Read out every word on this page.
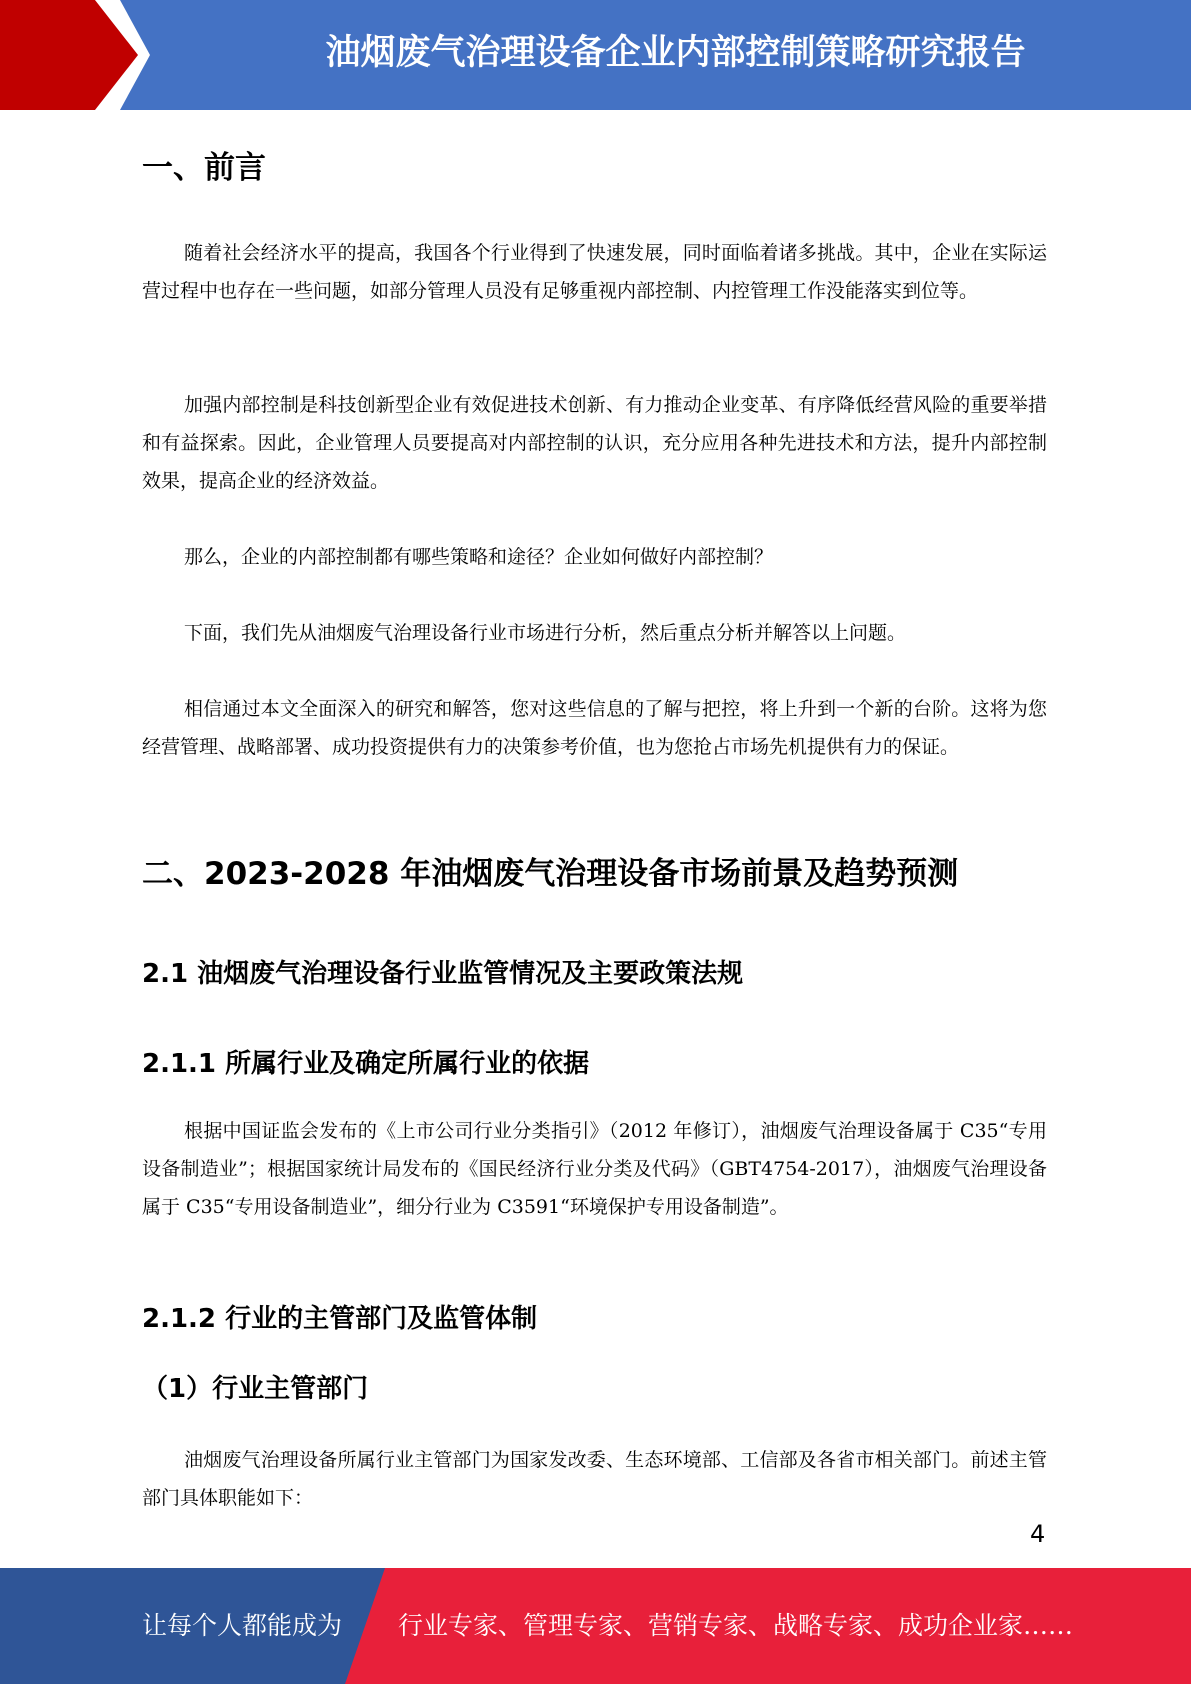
油烟废气治理设备企业内部控制策略研究报告
一、前言

随着社会经济水平的提高，我国各个行业得到了快速发展，同时面临着诸多挑战。其中，企业在实际运营过程中也存在一些问题，如部分管理人员没有足够重视内部控制、内控管理工作没能落实到位等。

加强内部控制是科技创新型企业有效促进技术创新、有力推动企业变革、有序降低经营风险的重要举措和有益探索。因此，企业管理人员要提高对内部控制的认识，充分应用各种先进技术和方法，提升内部控制效果，提高企业的经济效益。

那么，企业的内部控制都有哪些策略和途径？企业如何做好内部控制？

下面，我们先从油烟废气治理设备行业市场进行分析，然后重点分析并解答以上问题。

相信通过本文全面深入的研究和解答，您对这些信息的了解与把控，将上升到一个新的台阶。这将为您经营管理、战略部署、成功投资提供有力的决策参考价值，也为您抢占市场先机提供有力的保证。

二、2023-2028 年油烟废气治理设备市场前景及趋势预测
2.1 油烟废气治理设备行业监管情况及主要政策法规
2.1.1 所属行业及确定所属行业的依据

根据中国证监会发布的《上市公司行业分类指引》（2012 年修订），油烟废气治理设备属于 C35“专用设备制造业”；根据国家统计局发布的《国民经济行业分类及代码》（GBT4754-2017），油烟废气治理设备属于 C35“专用设备制造业”，细分行业为 C3591“环境保护专用设备制造”。

2.1.2 行业的主管部门及监管体制
（1）行业主管部门

油烟废气治理设备所属行业主管部门为国家发改委、生态环境部、工信部及各省市相关部门。前述主管部门具体职能如下：

4
让每个人都能成为 行业专家、管理专家、营销专家、战略专家、成功企业家……
